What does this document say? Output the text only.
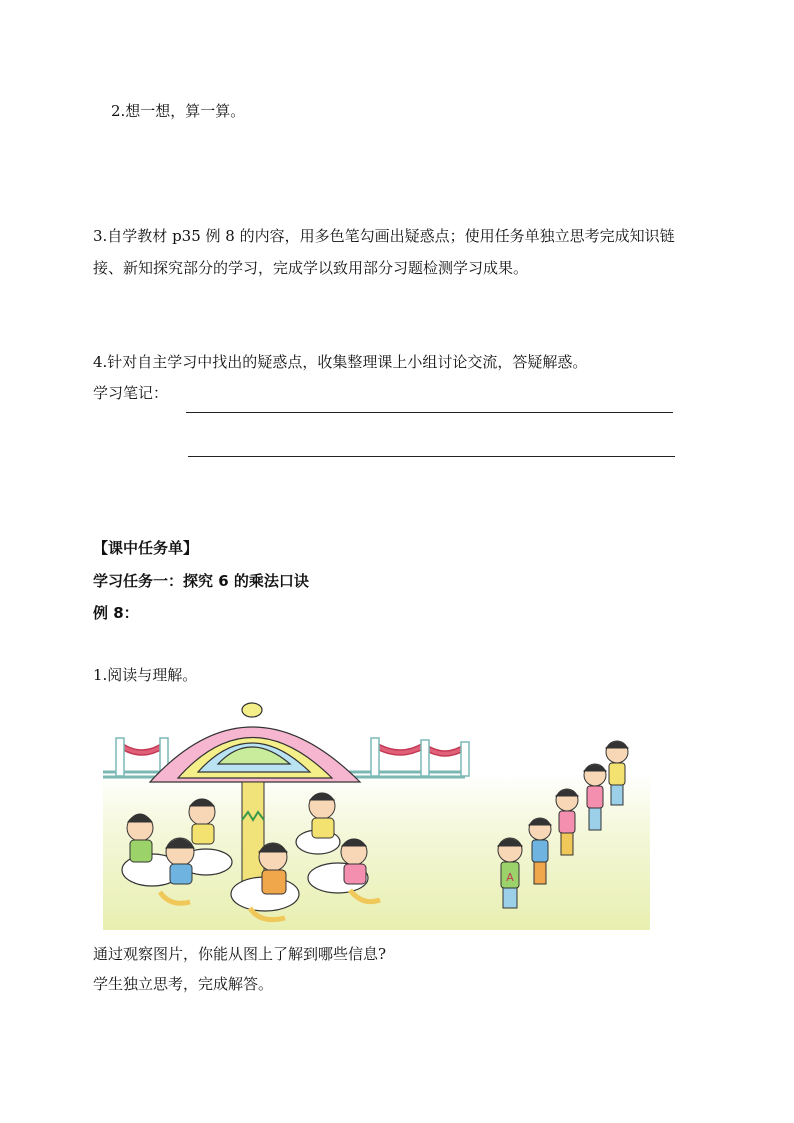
2.想一想，算一算。
3.自学教材 p35 例 8 的内容，用多色笔勾画出疑惑点；使用任务单独立思考完成知识链
接、新知探究部分的学习，完成学以致用部分习题检测学习成果。
4.针对自主学习中找出的疑惑点，收集整理课上小组讨论交流，答疑解惑。
学习笔记：
【课中任务单】
学习任务一：探究 6 的乘法口诀
例 8：
1.阅读与理解。
A
通过观察图片，你能从图上了解到哪些信息?
学生独立思考，完成解答。
